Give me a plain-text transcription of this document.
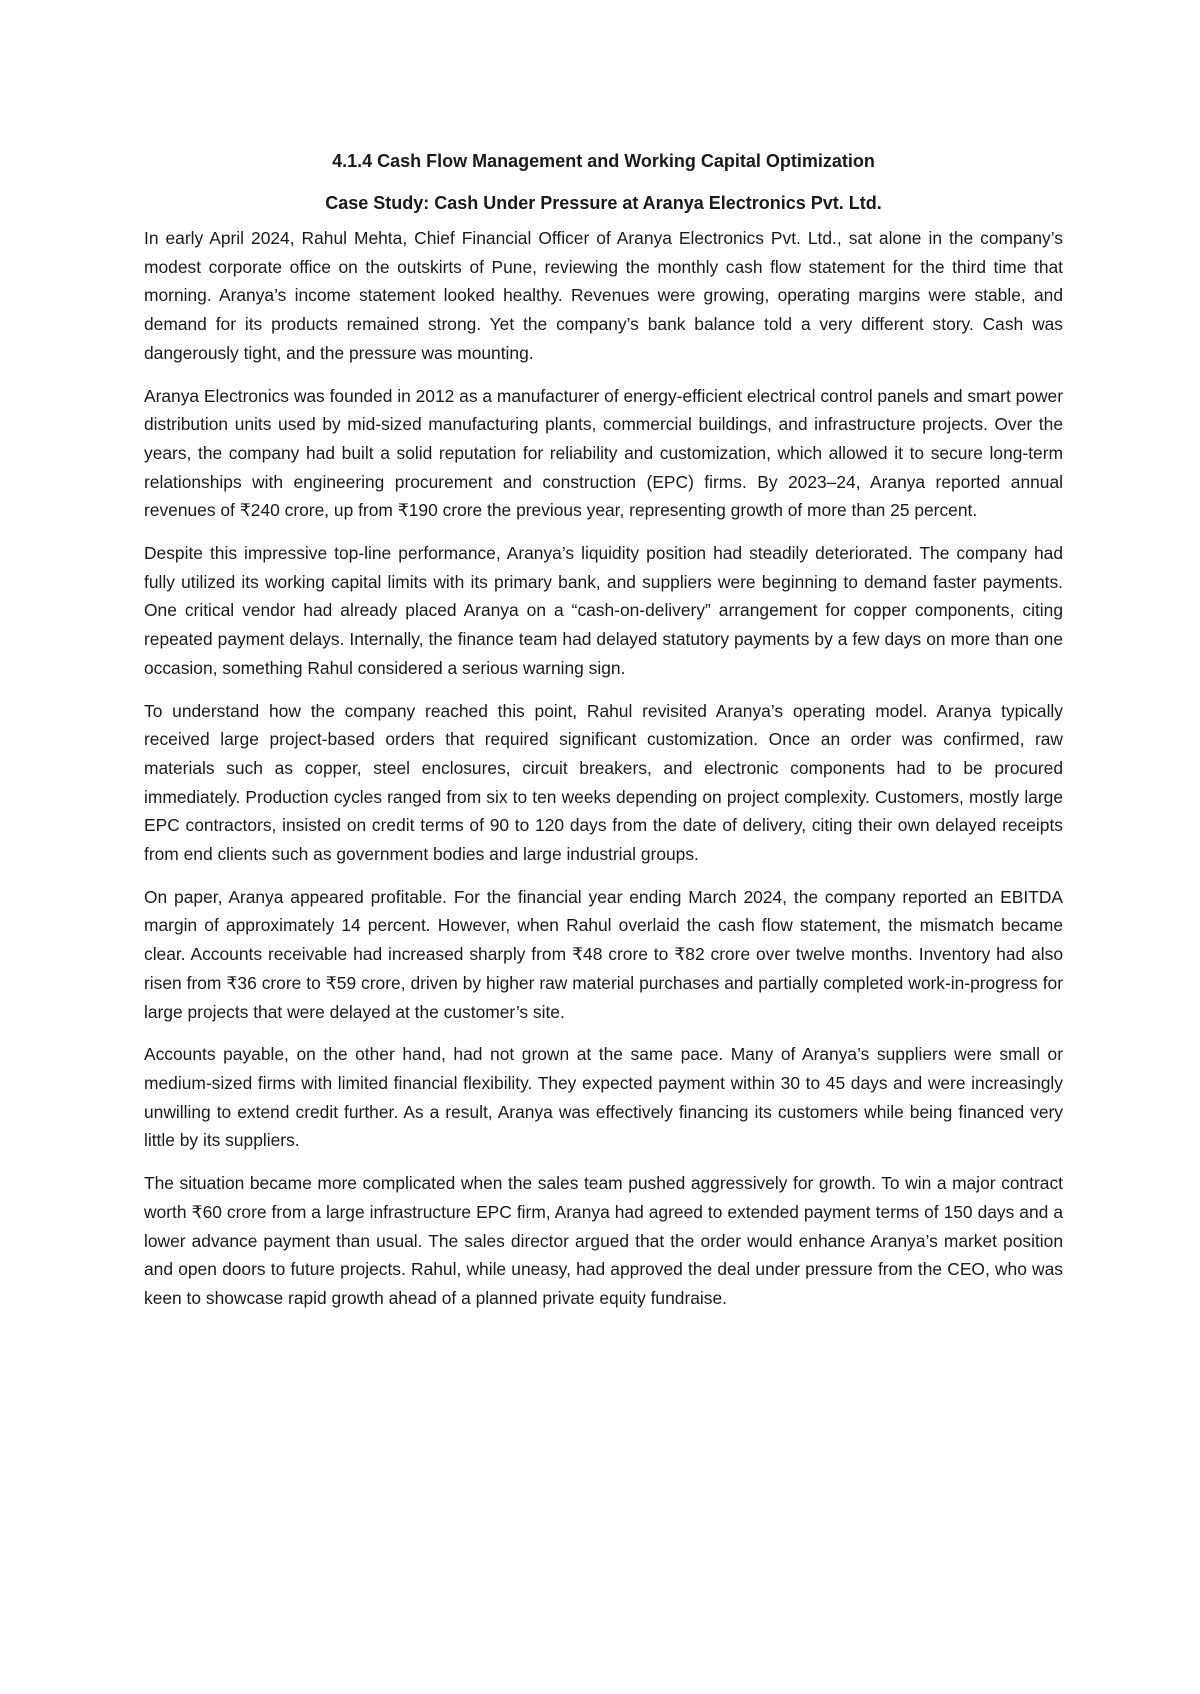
4.1.4 Cash Flow Management and Working Capital Optimization
Case Study: Cash Under Pressure at Aranya Electronics Pvt. Ltd.

In early April 2024, Rahul Mehta, Chief Financial Officer of Aranya Electronics Pvt. Ltd., sat alone in the company’s modest corporate office on the outskirts of Pune, reviewing the monthly cash flow statement for the third time that morning. Aranya’s income statement looked healthy. Revenues were growing, operating margins were stable, and demand for its products remained strong. Yet the company’s bank balance told a very different story. Cash was dangerously tight, and the pressure was mounting.

Aranya Electronics was founded in 2012 as a manufacturer of energy-efficient electrical control panels and smart power distribution units used by mid-sized manufacturing plants, commercial buildings, and infrastructure projects. Over the years, the company had built a solid reputation for reliability and customization, which allowed it to secure long-term relationships with engineering procurement and construction (EPC) firms. By 2023–24, Aranya reported annual revenues of ₹240 crore, up from ₹190 crore the previous year, representing growth of more than 25 percent.

Despite this impressive top-line performance, Aranya’s liquidity position had steadily deteriorated. The company had fully utilized its working capital limits with its primary bank, and suppliers were beginning to demand faster payments. One critical vendor had already placed Aranya on a “cash-on-delivery” arrangement for copper components, citing repeated payment delays. Internally, the finance team had delayed statutory payments by a few days on more than one occasion, something Rahul considered a serious warning sign.

To understand how the company reached this point, Rahul revisited Aranya’s operating model. Aranya typically received large project-based orders that required significant customization. Once an order was confirmed, raw materials such as copper, steel enclosures, circuit breakers, and electronic components had to be procured immediately. Production cycles ranged from six to ten weeks depending on project complexity. Customers, mostly large EPC contractors, insisted on credit terms of 90 to 120 days from the date of delivery, citing their own delayed receipts from end clients such as government bodies and large industrial groups.

On paper, Aranya appeared profitable. For the financial year ending March 2024, the company reported an EBITDA margin of approximately 14 percent. However, when Rahul overlaid the cash flow statement, the mismatch became clear. Accounts receivable had increased sharply from ₹48 crore to ₹82 crore over twelve months. Inventory had also risen from ₹36 crore to ₹59 crore, driven by higher raw material purchases and partially completed work-in-progress for large projects that were delayed at the customer’s site.

Accounts payable, on the other hand, had not grown at the same pace. Many of Aranya’s suppliers were small or medium-sized firms with limited financial flexibility. They expected payment within 30 to 45 days and were increasingly unwilling to extend credit further. As a result, Aranya was effectively financing its customers while being financed very little by its suppliers.

The situation became more complicated when the sales team pushed aggressively for growth. To win a major contract worth ₹60 crore from a large infrastructure EPC firm, Aranya had agreed to extended payment terms of 150 days and a lower advance payment than usual. The sales director argued that the order would enhance Aranya’s market position and open doors to future projects. Rahul, while uneasy, had approved the deal under pressure from the CEO, who was keen to showcase rapid growth ahead of a planned private equity fundraise.
